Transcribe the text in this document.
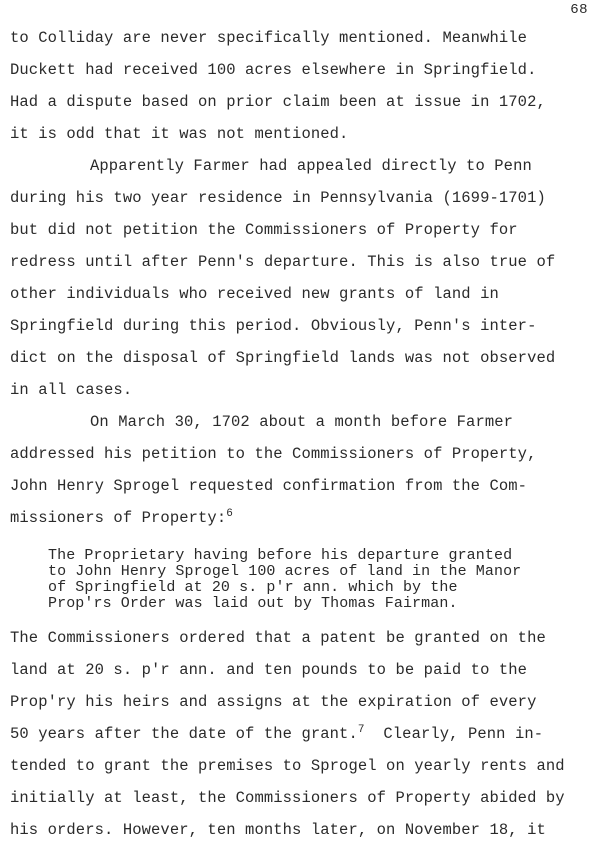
68
to Colliday are never specifically mentioned. Meanwhile
Duckett had received 100 acres elsewhere in Springfield.
Had a dispute based on prior claim been at issue in 1702,
it is odd that it was not mentioned.
Apparently Farmer had appealed directly to Penn
during his two year residence in Pennsylvania (1699-1701)
but did not petition the Commissioners of Property for
redress until after Penn's departure. This is also true of
other individuals who received new grants of land in
Springfield during this period. Obviously, Penn's inter-
dict on the disposal of Springfield lands was not observed
in all cases.
On March 30, 1702 about a month before Farmer
addressed his petition to the Commissioners of Property,
John Henry Sprogel requested confirmation from the Com-
missioners of Property:$^6$
The Proprietary having before his departure granted
to John Henry Sprogel 100 acres of land in the Manor
of Springfield at 20 s. p'r ann. which by the
Prop'rs Order was laid out by Thomas Fairman.
The Commissioners ordered that a patent be granted on the
land at 20 s. p'r ann. and ten pounds to be paid to the
Prop'ry his heirs and assigns at the expiration of every
50 years after the date of the grant.$^7$  Clearly, Penn in-
tended to grant the premises to Sprogel on yearly rents and
initially at least, the Commissioners of Property abided by
his orders. However, ten months later, on November 18, it
